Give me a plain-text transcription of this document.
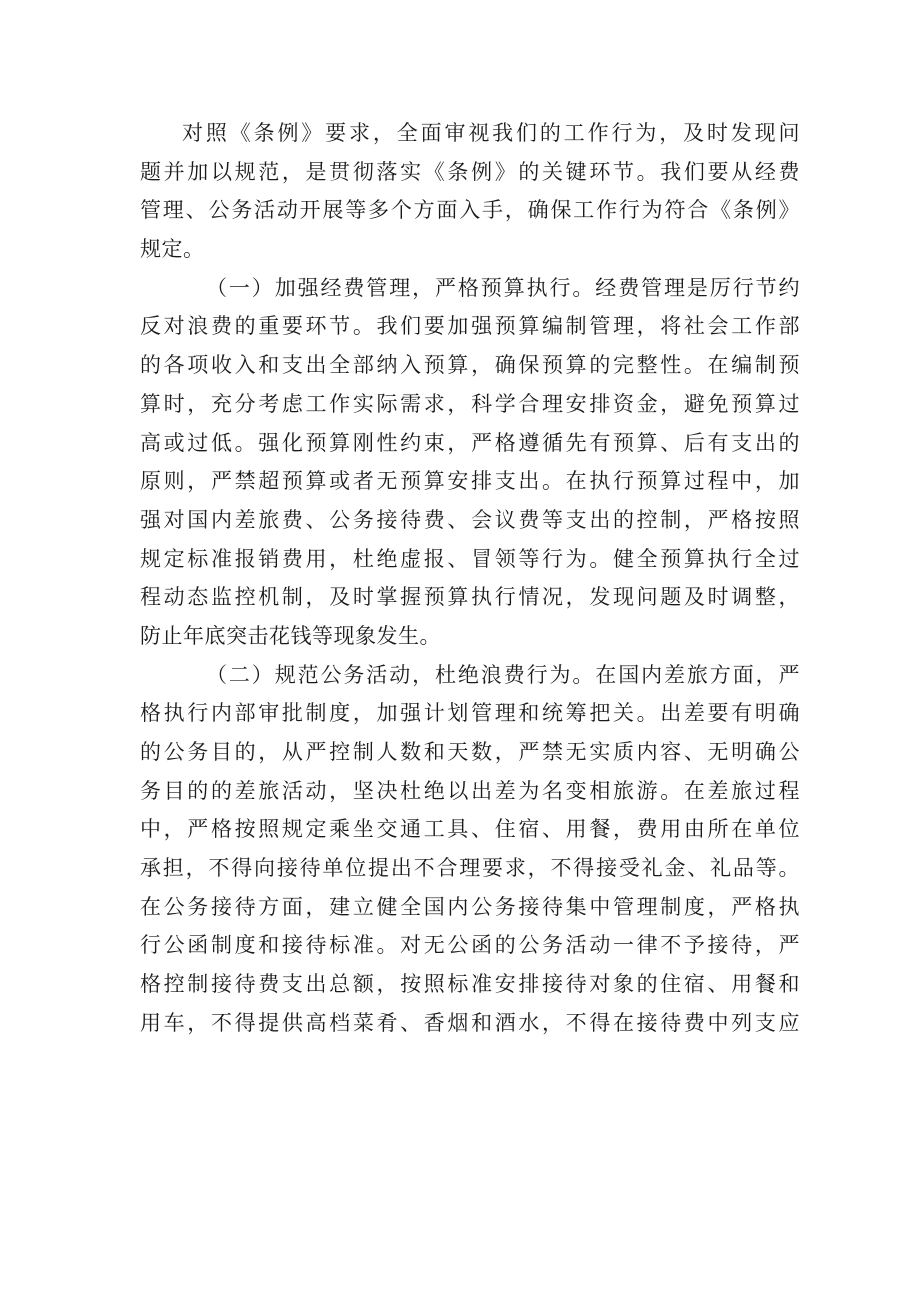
对照《条例》要求，全面审视我们的工作行为，及时发现问
题并加以规范，是贯彻落实《条例》的关键环节。我们要从经费
管理、公务活动开展等多个方面入手，确保工作行为符合《条例》
规定。
（一）加强经费管理，严格预算执行。经费管理是厉行节约
反对浪费的重要环节。我们要加强预算编制管理，将社会工作部
的各项收入和支出全部纳入预算，确保预算的完整性。在编制预
算时，充分考虑工作实际需求，科学合理安排资金，避免预算过
高或过低。强化预算刚性约束，严格遵循先有预算、后有支出的
原则，严禁超预算或者无预算安排支出。在执行预算过程中，加
强对国内差旅费、公务接待费、会议费等支出的控制，严格按照
规定标准报销费用，杜绝虚报、冒领等行为。健全预算执行全过
程动态监控机制，及时掌握预算执行情况，发现问题及时调整，
防止年底突击花钱等现象发生。
（二）规范公务活动，杜绝浪费行为。在国内差旅方面，严
格执行内部审批制度，加强计划管理和统筹把关。出差要有明确
的公务目的，从严控制人数和天数，严禁无实质内容、无明确公
务目的的差旅活动，坚决杜绝以出差为名变相旅游。在差旅过程
中，严格按照规定乘坐交通工具、住宿、用餐，费用由所在单位
承担，不得向接待单位提出不合理要求，不得接受礼金、礼品等。
在公务接待方面，建立健全国内公务接待集中管理制度，严格执
行公函制度和接待标准。对无公函的公务活动一律不予接待，严
格控制接待费支出总额，按照标准安排接待对象的住宿、用餐和
用车，不得提供高档菜肴、香烟和酒水，不得在接待费中列支应
